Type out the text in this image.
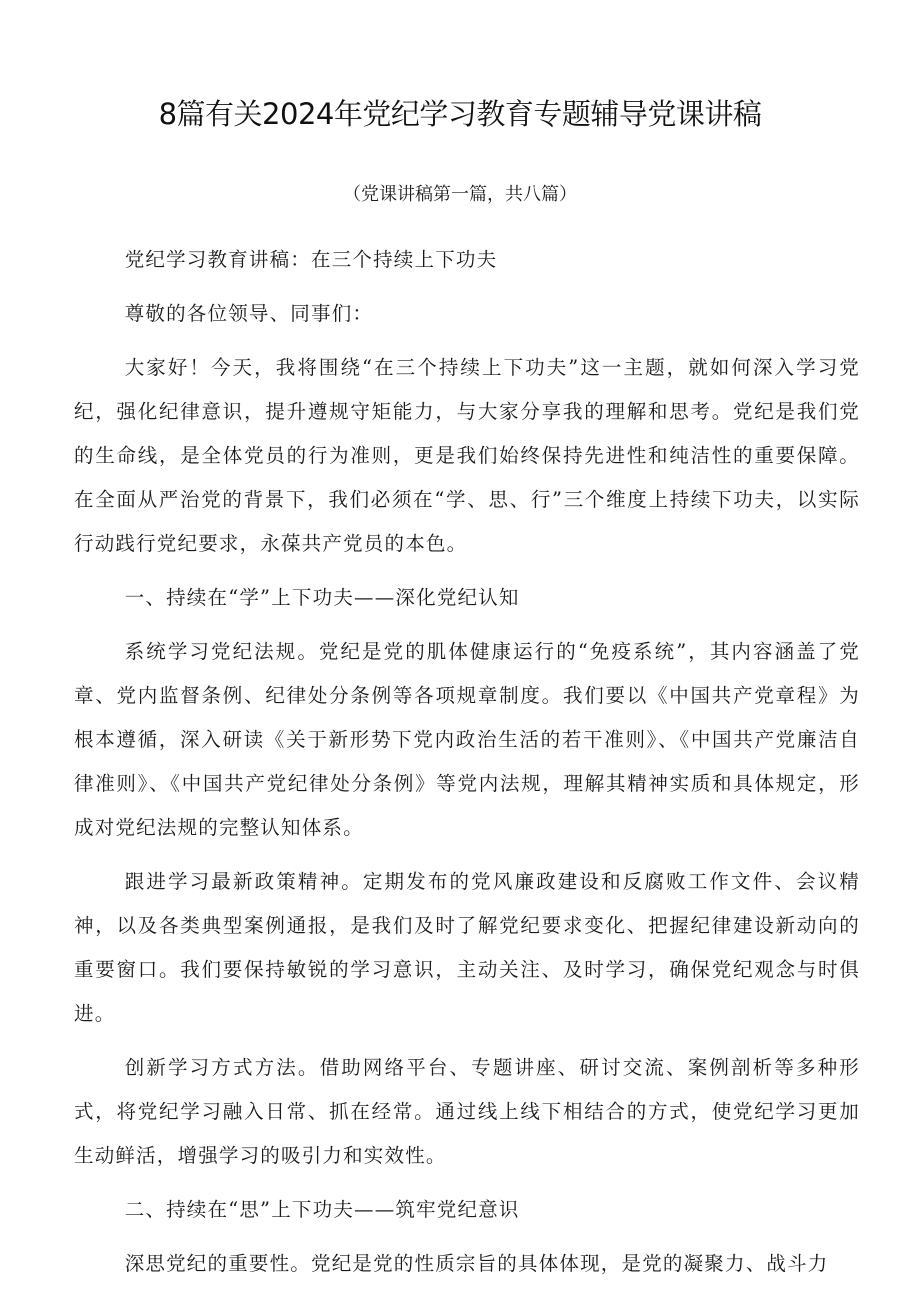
8篇有关2024年党纪学习教育专题辅导党课讲稿
（党课讲稿第一篇，共八篇）

党纪学习教育讲稿：在三个持续上下功夫

尊敬的各位领导、同事们：

大家好！今天，我将围绕“在三个持续上下功夫”这一主题，就如何深入学习党纪，强化纪律意识，提升遵规守矩能力，与大家分享我的理解和思考。党纪是我们党的生命线，是全体党员的行为准则，更是我们始终保持先进性和纯洁性的重要保障。在全面从严治党的背景下，我们必须在“学、思、行”三个维度上持续下功夫，以实际行动践行党纪要求，永葆共产党员的本色。

一、持续在“学”上下功夫——深化党纪认知

系统学习党纪法规。党纪是党的肌体健康运行的“免疫系统”，其内容涵盖了党章、党内监督条例、纪律处分条例等各项规章制度。我们要以《中国共产党章程》为根本遵循，深入研读《关于新形势下党内政治生活的若干准则》、《中国共产党廉洁自律准则》、《中国共产党纪律处分条例》等党内法规，理解其精神实质和具体规定，形成对党纪法规的完整认知体系。

跟进学习最新政策精神。定期发布的党风廉政建设和反腐败工作文件、会议精神，以及各类典型案例通报，是我们及时了解党纪要求变化、把握纪律建设新动向的重要窗口。我们要保持敏锐的学习意识，主动关注、及时学习，确保党纪观念与时俱进。

创新学习方式方法。借助网络平台、专题讲座、研讨交流、案例剖析等多种形式，将党纪学习融入日常、抓在经常。通过线上线下相结合的方式，使党纪学习更加生动鲜活，增强学习的吸引力和实效性。

二、持续在“思”上下功夫——筑牢党纪意识

深思党纪的重要性。党纪是党的性质宗旨的具体体现，是党的凝聚力、战斗力
